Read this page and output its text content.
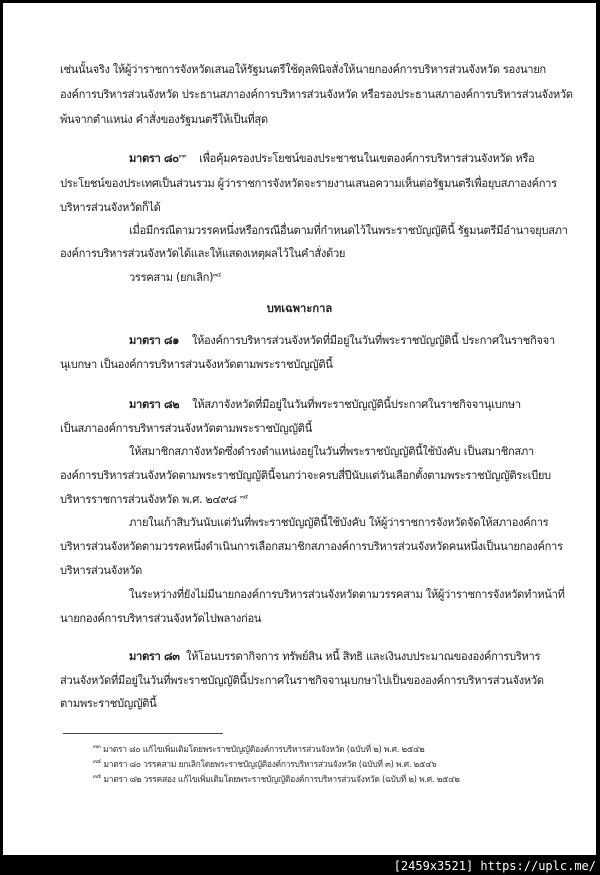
เช่นนั้นจริง ให้ผู้ว่าราชการจังหวัดเสนอให้รัฐมนตรีใช้ดุลพินิจสั่งให้นายกองค์การบริหารส่วนจังหวัด รองนายก
องค์การบริหารส่วนจังหวัด ประธานสภาองค์การบริหารส่วนจังหวัด หรือรองประธานสภาองค์การบริหารส่วนจังหวัด
พ้นจากตำแหน่ง คำสั่งของรัฐมนตรีให้เป็นที่สุด
มาตรา ๘๐$^{๓๓}$ เพื่อคุ้มครองประโยชน์ของประชาชนในเขตองค์การบริหารส่วนจังหวัด หรือ
ประโยชน์ของประเทศเป็นส่วนรวม ผู้ว่าราชการจังหวัดจะรายงานเสนอความเห็นต่อรัฐมนตรีเพื่อยุบสภาองค์การ
บริหารส่วนจังหวัดก็ได้
เมื่อมีกรณีตามวรรคหนึ่งหรือกรณีอื่นตามที่กำหนดไว้ในพระราชบัญญัตินี้ รัฐมนตรีมีอำนาจยุบสภา
องค์การบริหารส่วนจังหวัดได้และให้แสดงเหตุผลไว้ในคำสั่งด้วย
วรรคสาม (ยกเลิก)$^{๓๔}$
บทเฉพาะกาล
มาตรา ๘๑ ให้องค์การบริหารส่วนจังหวัดที่มีอยู่ในวันที่พระราชบัญญัตินี้ ประกาศในราชกิจจา
นุเบกษา เป็นองค์การบริหารส่วนจังหวัดตามพระราชบัญญัตินี้
มาตรา ๘๒ ให้สภาจังหวัดที่มีอยู่ในวันที่พระราชบัญญัตินี้ประกาศในราชกิจจานุเบกษา
เป็นสภาองค์การบริหารส่วนจังหวัดตามพระราชบัญญัตินี้
ให้สมาชิกสภาจังหวัดซึ่งดำรงตำแหน่งอยู่ในวันที่พระราชบัญญัตินี้ใช้บังคับ เป็นสมาชิกสภา
องค์การบริหารส่วนจังหวัดตามพระราชบัญญัตินี้จนกว่าจะครบสี่ปีนับแต่วันเลือกตั้งตามพระราชบัญญัติระเบียบ
บริหารราชการส่วนจังหวัด พ.ศ. ๒๔๙๘ $^{๓๕}$
ภายในเก้าสิบวันนับแต่วันที่พระราชบัญญัตินี้ใช้บังคับ ให้ผู้ว่าราชการจังหวัดจัดให้สภาองค์การ
บริหารส่วนจังหวัดตามวรรคหนึ่งดำเนินการเลือกสมาชิกสภาองค์การบริหารส่วนจังหวัดคนหนึ่งเป็นนายกองค์การ
บริหารส่วนจังหวัด
ในระหว่างที่ยังไม่มีนายกองค์การบริหารส่วนจังหวัดตามวรรคสาม ให้ผู้ว่าราชการจังหวัดทำหน้าที่
นายกองค์การบริหารส่วนจังหวัดไปพลางก่อน
มาตรา ๘๓ ให้โอนบรรดากิจการ ทรัพย์สิน หนี้ สิทธิ และเงินงบประมาณขององค์การบริหาร
ส่วนจังหวัดที่มีอยู่ในวันที่พระราชบัญญัตินี้ประกาศในราชกิจจานุเบกษาไปเป็นขององค์การบริหารส่วนจังหวัด
ตามพระราชบัญญัตินี้
$^{๓๓}$ มาตรา ๘๐ แก้ไขเพิ่มเติมโดยพระราชบัญญัติองค์การบริหารส่วนจังหวัด (ฉบับที่ ๒) พ.ศ. ๒๕๔๒
$^{๓๔}$ มาตรา ๘๐ วรรคสาม ยกเลิกโดยพระราชบัญญัติองค์การบริหารส่วนจังหวัด (ฉบับที่ ๓) พ.ศ. ๒๕๔๖
$^{๓๕}$ มาตรา ๘๒ วรรคสอง แก้ไขเพิ่มเติมโดยพระราชบัญญัติองค์การบริหารส่วนจังหวัด (ฉบับที่ ๒) พ.ศ. ๒๕๔๒
[2459x3521] https://uplc.me/
